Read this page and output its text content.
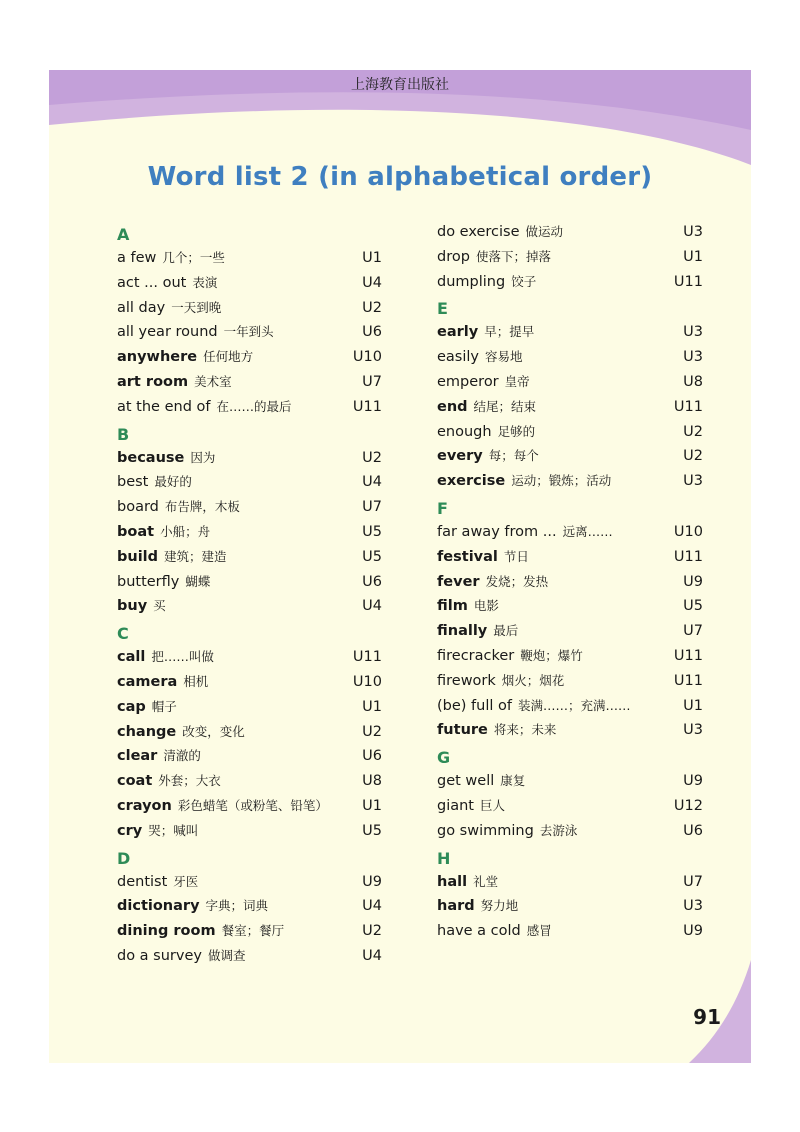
上海教育出版社
Word list 2 (in alphabetical order)
A
a few 几个；一些	U1
act ... out 表演	U4
all day 一天到晚	U2
all year round 一年到头	U6
anywhere 任何地方	U10
art room 美术室	U7
at the end of 在……的最后	U11
B
because 因为	U2
best 最好的	U4
board 布告牌，木板	U7
boat 小船；舟	U5
build 建筑；建造	U5
butterfly 蝴蝶	U6
buy 买	U4
C
call 把……叫做	U11
camera 相机	U10
cap 帽子	U1
change 改变，变化	U2
clear 清澈的	U6
coat 外套；大衣	U8
crayon 彩色蜡笔（或粉笔、铅笔） U1
cry 哭；喊叫	U5
D
dentist 牙医	U9
dictionary 字典；词典	U4
dining room 餐室；餐厅	U2
do a survey 做调查	U4
do exercise 做运动	U3
drop 使落下；掉落	U1
dumpling 饺子	U11
E
early 早；提早	U3
easily 容易地	U3
emperor 皇帝	U8
end 结尾；结束	U11
enough 足够的	U2
every 每；每个	U2
exercise 运动；锻炼；活动	U3
F
far away from ... 远离……	U10
festival 节日	U11
fever 发烧；发热	U9
film 电影	U5
finally 最后	U7
firecracker 鞭炮；爆竹	U11
firework 烟火；烟花	U11
(be) full of 装满……；充满……	U1
future 将来；未来	U3
G
get well 康复	U9
giant 巨人	U12
go swimming 去游泳	U6
H
hall 礼堂	U7
hard 努力地	U3
have a cold 感冒	U9
91
